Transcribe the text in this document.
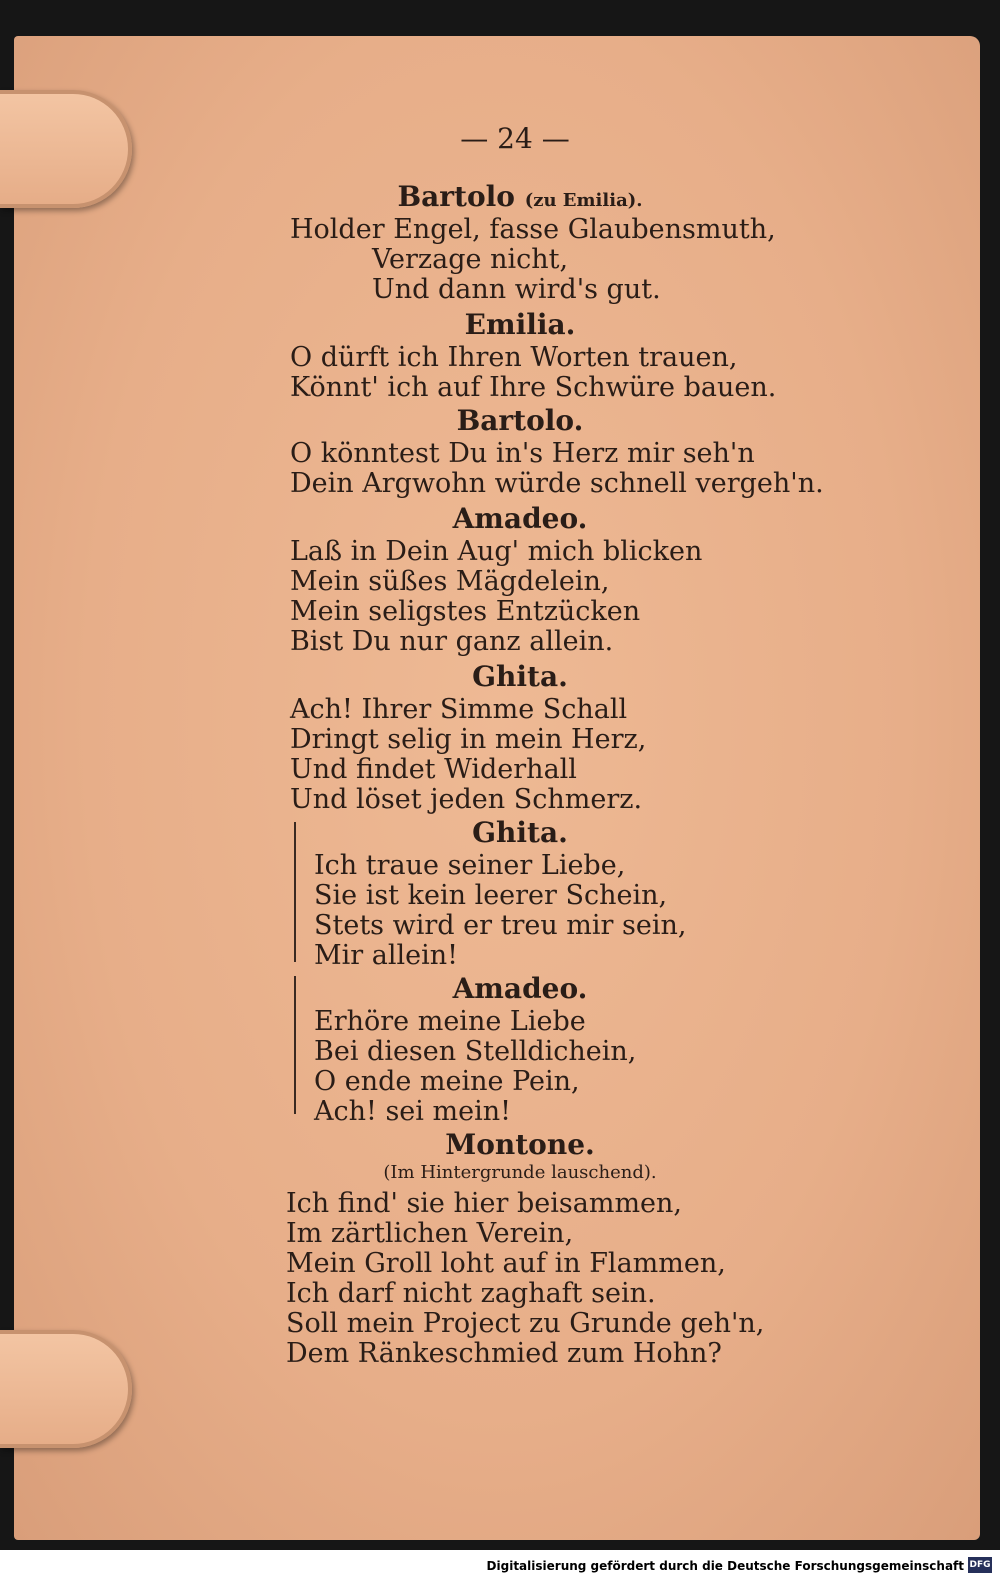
— 24 —
Bartolo (zu Emilia).
Holder Engel, fasse Glaubensmuth,
Verzage nicht,
Und dann wird's gut.
Emilia.
O dürft ich Ihren Worten trauen,
Könnt' ich auf Ihre Schwüre bauen.
Bartolo.
O könntest Du in's Herz mir seh'n
Dein Argwohn würde schnell vergeh'n.
Amadeo.
Laß in Dein Aug' mich blicken
Mein süßes Mägdelein,
Mein seligstes Entzücken
Bist Du nur ganz allein.
Ghita.
Ach! Ihrer Simme Schall
Dringt selig in mein Herz,
Und findet Widerhall
Und löset jeden Schmerz.
Ghita.
Ich traue seiner Liebe,
Sie ist kein leerer Schein,
Stets wird er treu mir sein,
Mir allein!
Amadeo.
Erhöre meine Liebe
Bei diesen Stelldichein,
O ende meine Pein,
Ach! sei mein!
Montone.
(Im Hintergrunde lauschend).
Ich find' sie hier beisammen,
Im zärtlichen Verein,
Mein Groll loht auf in Flammen,
Ich darf nicht zaghaft sein.
Soll mein Project zu Grunde geh'n,
Dem Ränkeschmied zum Hohn?
Digitalisierung gefördert durch die Deutsche Forschungsgemeinschaft DFG
